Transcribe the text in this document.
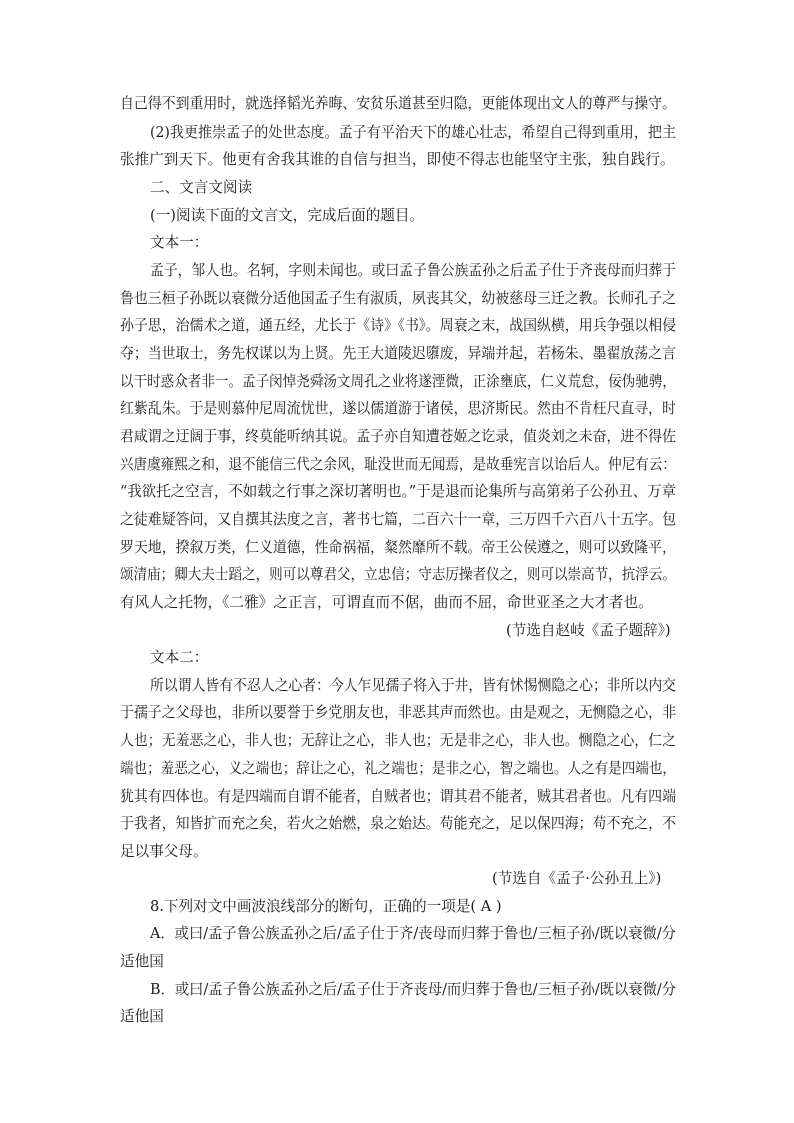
自己得不到重用时，就选择韬光养晦、安贫乐道甚至归隐，更能体现出文人的尊严与操守。
(2)我更推崇孟子的处世态度。孟子有平治天下的雄心壮志，希望自己得到重用，把主
张推广到天下。他更有舍我其谁的自信与担当，即使不得志也能坚守主张，独自践行。
二、文言文阅读
(一)阅读下面的文言文，完成后面的题目。
文本一：
孟子，邹人也。名轲，字则未闻也。或曰孟子鲁公族孟孙之后孟子仕于齐丧母而归葬于
鲁也三桓子孙既以衰微分适他国孟子生有淑质，夙丧其父，幼被慈母三迁之教。长师孔子之
孙子思，治儒术之道，通五经，尤长于《诗》《书》。周衰之末，战国纵横，用兵争强以相侵
夺；当世取士，务先权谋以为上贤。先王大道陵迟隳废，异端并起，若杨朱、墨翟放荡之言
以干时惑众者非一。孟子闵悼尧舜汤文周孔之业将遂湮微，正涂壅底，仁义荒怠，佞伪驰骋，
红紫乱朱。于是则慕仲尼周流忧世，遂以儒道游于诸侯，思济斯民。然由不肯枉尺直寻，时
君咸谓之迂阔于事，终莫能听纳其说。孟子亦自知遭苍姬之讫录，值炎刘之未奋，进不得佐
兴唐虞雍熙之和，退不能信三代之余风，耻没世而无闻焉，是故垂宪言以诒后人。仲尼有云：
“我欲托之空言，不如载之行事之深切著明也。”于是退而论集所与高第弟子公孙丑、万章
之徒难疑答问，又自撰其法度之言，著书七篇，二百六十一章，三万四千六百八十五字。包
罗天地，揆叙万类，仁义道德，性命祸福，粲然靡所不载。帝王公侯遵之，则可以致隆平，
颂清庙；卿大夫士蹈之，则可以尊君父，立忠信；守志厉操者仪之，则可以崇高节，抗浮云。
有风人之托物，《二雅》之正言，可谓直而不倨，曲而不屈，命世亚圣之大才者也。
(节选自赵岐《孟子题辞》)
文本二：
所以谓人皆有不忍人之心者：今人乍见孺子将入于井，皆有怵惕恻隐之心；非所以内交
于孺子之父母也，非所以要誉于乡党朋友也，非恶其声而然也。由是观之，无恻隐之心，非
人也；无羞恶之心，非人也；无辞让之心，非人也；无是非之心，非人也。恻隐之心，仁之
端也；羞恶之心，义之端也；辞让之心，礼之端也；是非之心，智之端也。人之有是四端也，
犹其有四体也。有是四端而自谓不能者，自贼者也；谓其君不能者，贼其君者也。凡有四端
于我者，知皆扩而充之矣，若火之始燃，泉之始达。苟能充之，足以保四海；苟不充之，不
足以事父母。
(节选自《孟子·公孙丑上》)
8.下列对文中画波浪线部分的断句，正确的一项是( A )
A．或曰/孟子鲁公族孟孙之后/孟子仕于齐/丧母而归葬于鲁也/三桓子孙/既以衰微/分
适他国
B．或曰/孟子鲁公族孟孙之后/孟子仕于齐丧母/而归葬于鲁也/三桓子孙/既以衰微/分
适他国
